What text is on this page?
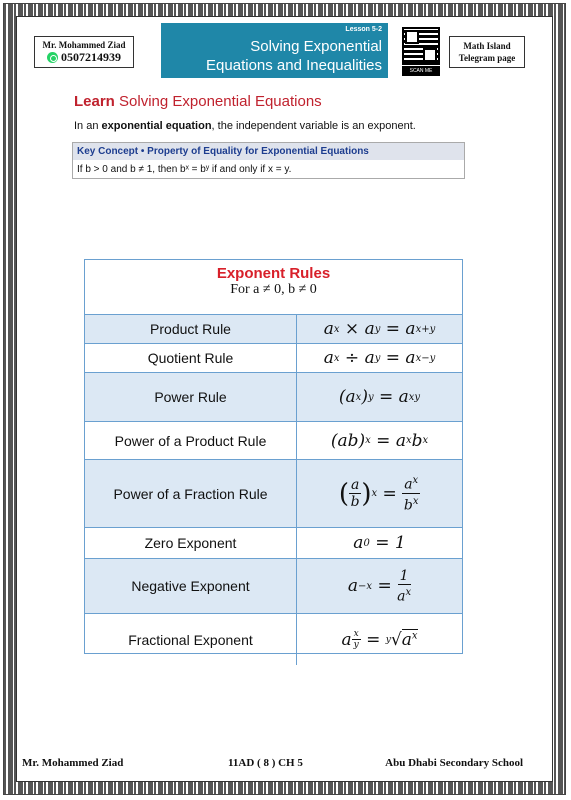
Mr. Mohammed Ziad
0507214939
Lesson 5-2
Solving Exponential
Equations and Inequalities	SCAN ME
Math Island
Telegram page
Learn Solving Exponential Equations
In an exponential equation, the independent variable is an exponent.
Key Concept • Property of Equality for Exponential Equations
If b > 0 and b ≠ 1, then bˣ = bʸ if and only if x = y.
Exponent Rules
For a ≠ 0, b ≠ 0
Product Rule	a x × a y = a x+y
Quotient Rule	a x ÷ a y = a x−y
Power Rule	(a x ) y = a xy
Power of a Product Rule	(ab) x = a x b x
Power of a Fraction Rule	( $\frac{a}{b}$ ) $x = \frac{a^x}{b^x}$
Zero Exponent	a 0 = 1
Negative Exponent	$a -x = \frac{1}{a^x}$
Fractional Exponent	a $\frac{x}{y} = y$ √ $a^x$
Mr. Mohammed Ziad	11AD ( 8 ) CH 5	Abu Dhabi Secondary School
